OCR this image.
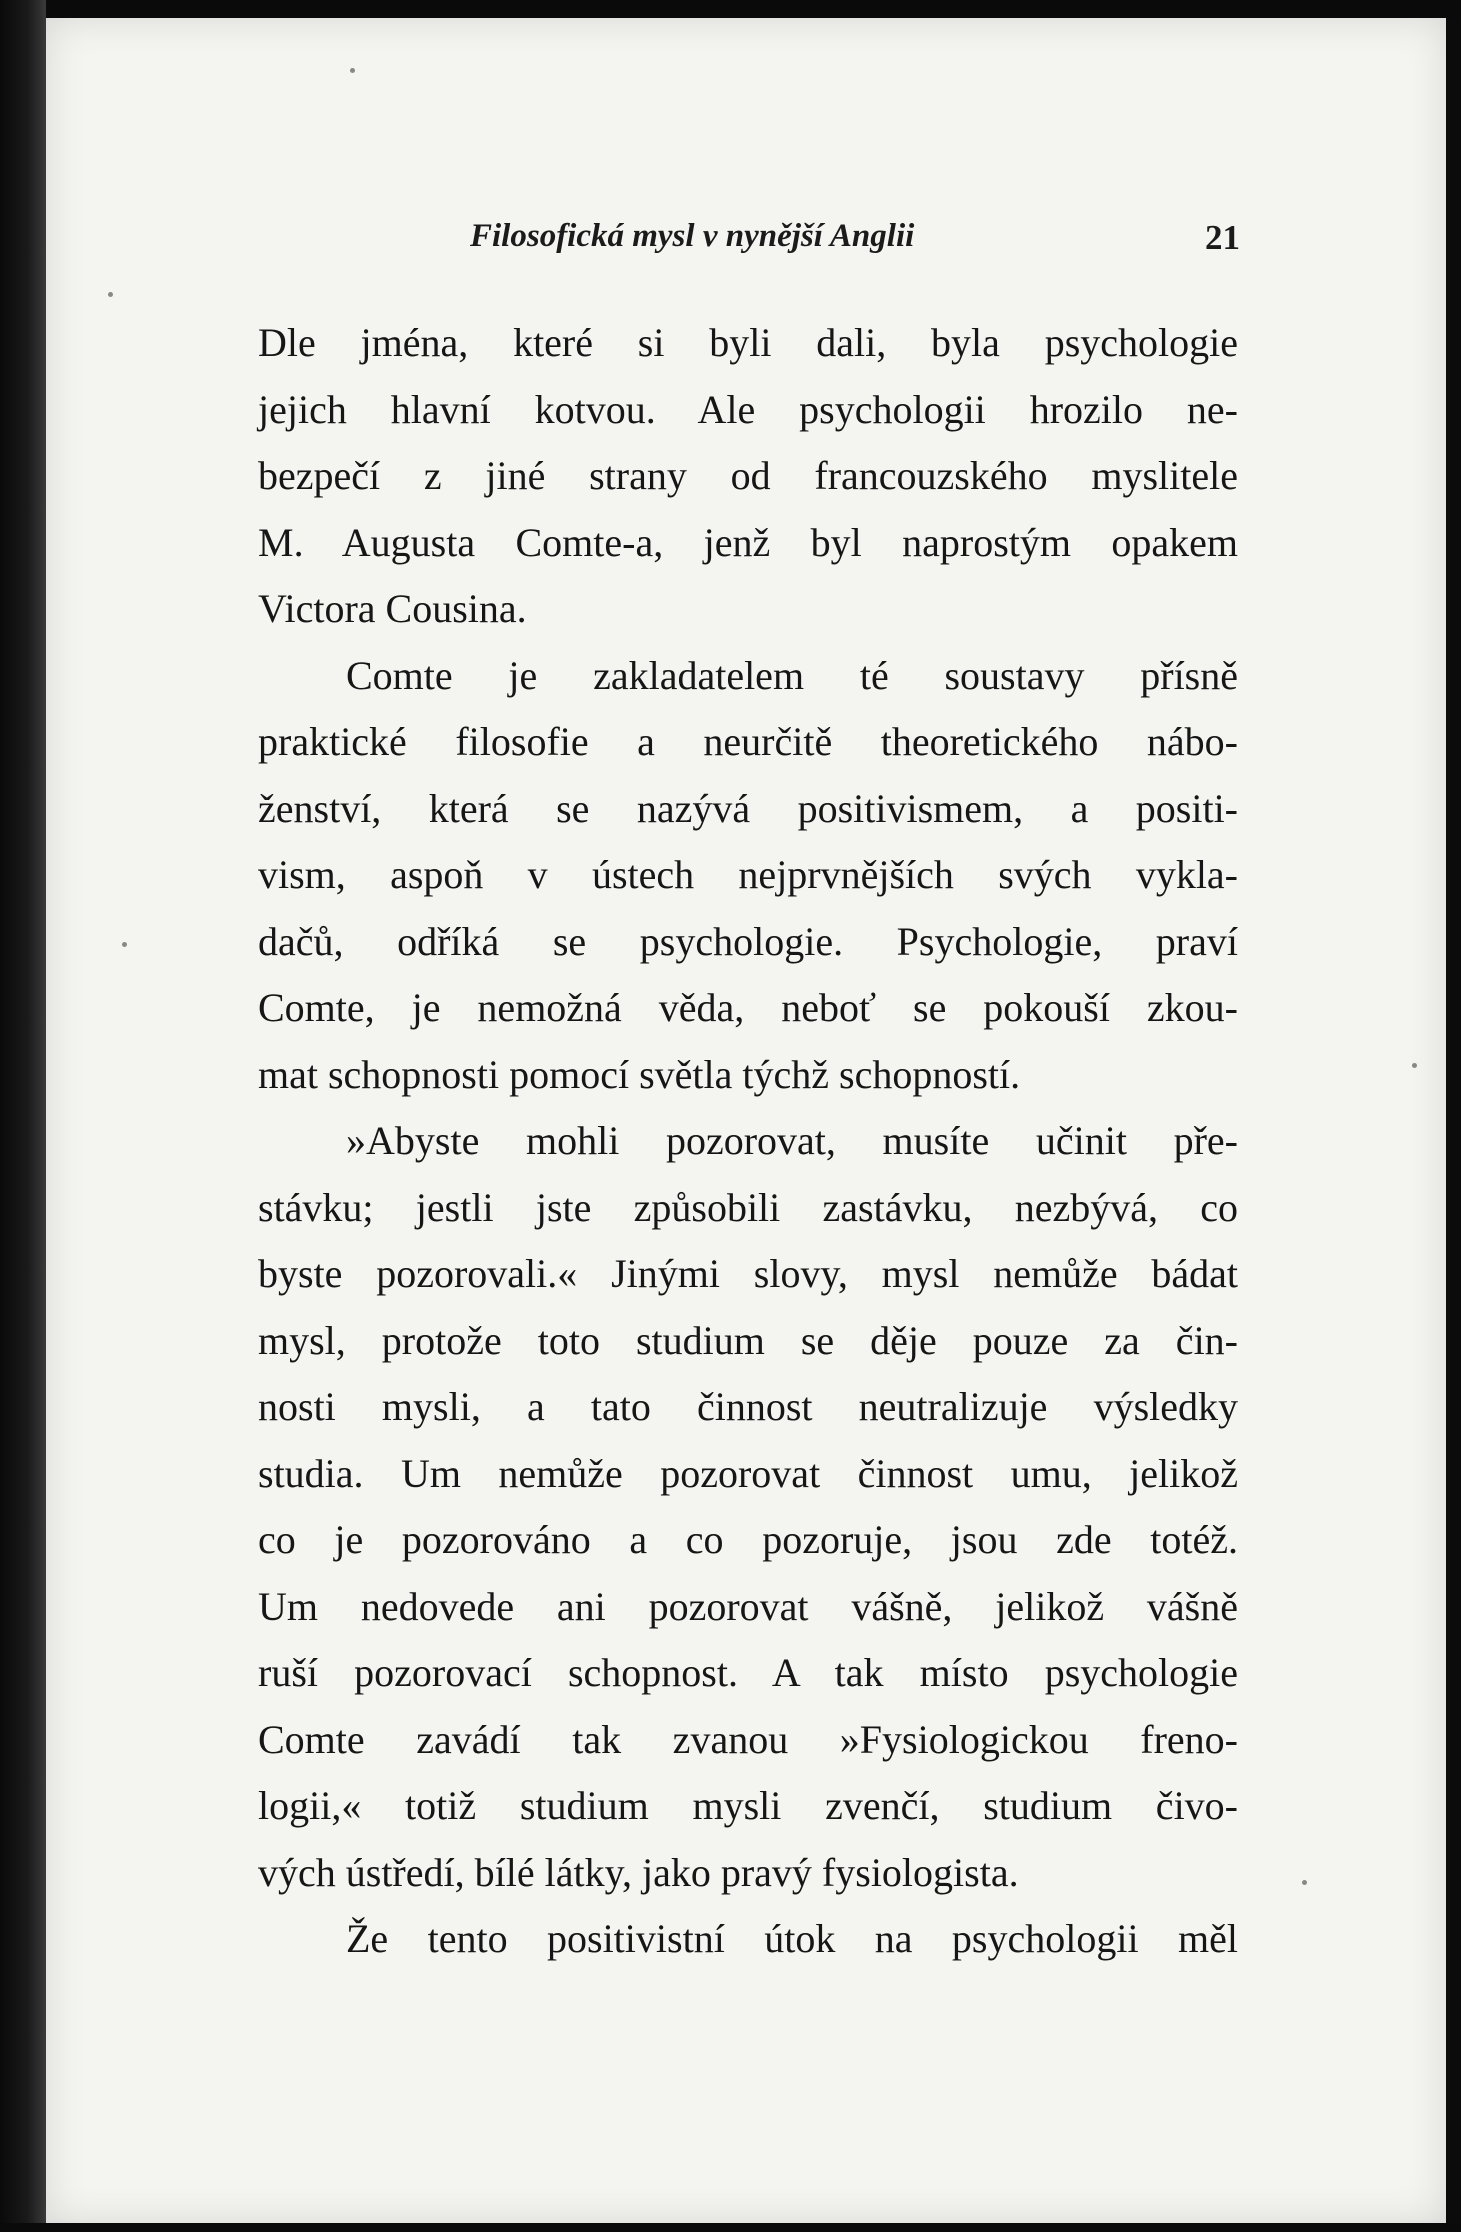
Filosofická mysl v nynější Anglii	21
Dle jména, které si byli dali, byla psychologie
jejich hlavní kotvou. Ale psychologii hrozilo ne-
bezpečí z jiné strany od francouzského myslitele
M. Augusta Comte-a, jenž byl naprostým opakem
Victora Cousina.
Comte je zakladatelem té soustavy přísně
praktické filosofie a neurčitě theoretického nábo-
ženství, která se nazývá positivismem, a positi-
vism, aspoň v ústech nejprvnějších svých vykla-
dačů, odříká se psychologie. Psychologie, praví
Comte, je nemožná věda, neboť se pokouší zkou-
mat schopnosti pomocí světla týchž schopností.
»Abyste mohli pozorovat, musíte učinit pře-
stávku; jestli jste způsobili zastávku, nezbývá, co
byste pozorovali.« Jinými slovy, mysl nemůže bádat
mysl, protože toto studium se děje pouze za čin-
nosti mysli, a tato činnost neutralizuje výsledky
studia. Um nemůže pozorovat činnost umu, jelikož
co je pozorováno a co pozoruje, jsou zde totéž.
Um nedovede ani pozorovat vášně, jelikož vášně
ruší pozorovací schopnost. A tak místo psychologie
Comte zavádí tak zvanou »Fysiologickou freno-
logii,« totiž studium mysli zvenčí, studium čivo-
vých ústředí, bílé látky, jako pravý fysiologista.
Že tento positivistní útok na psychologii měl
